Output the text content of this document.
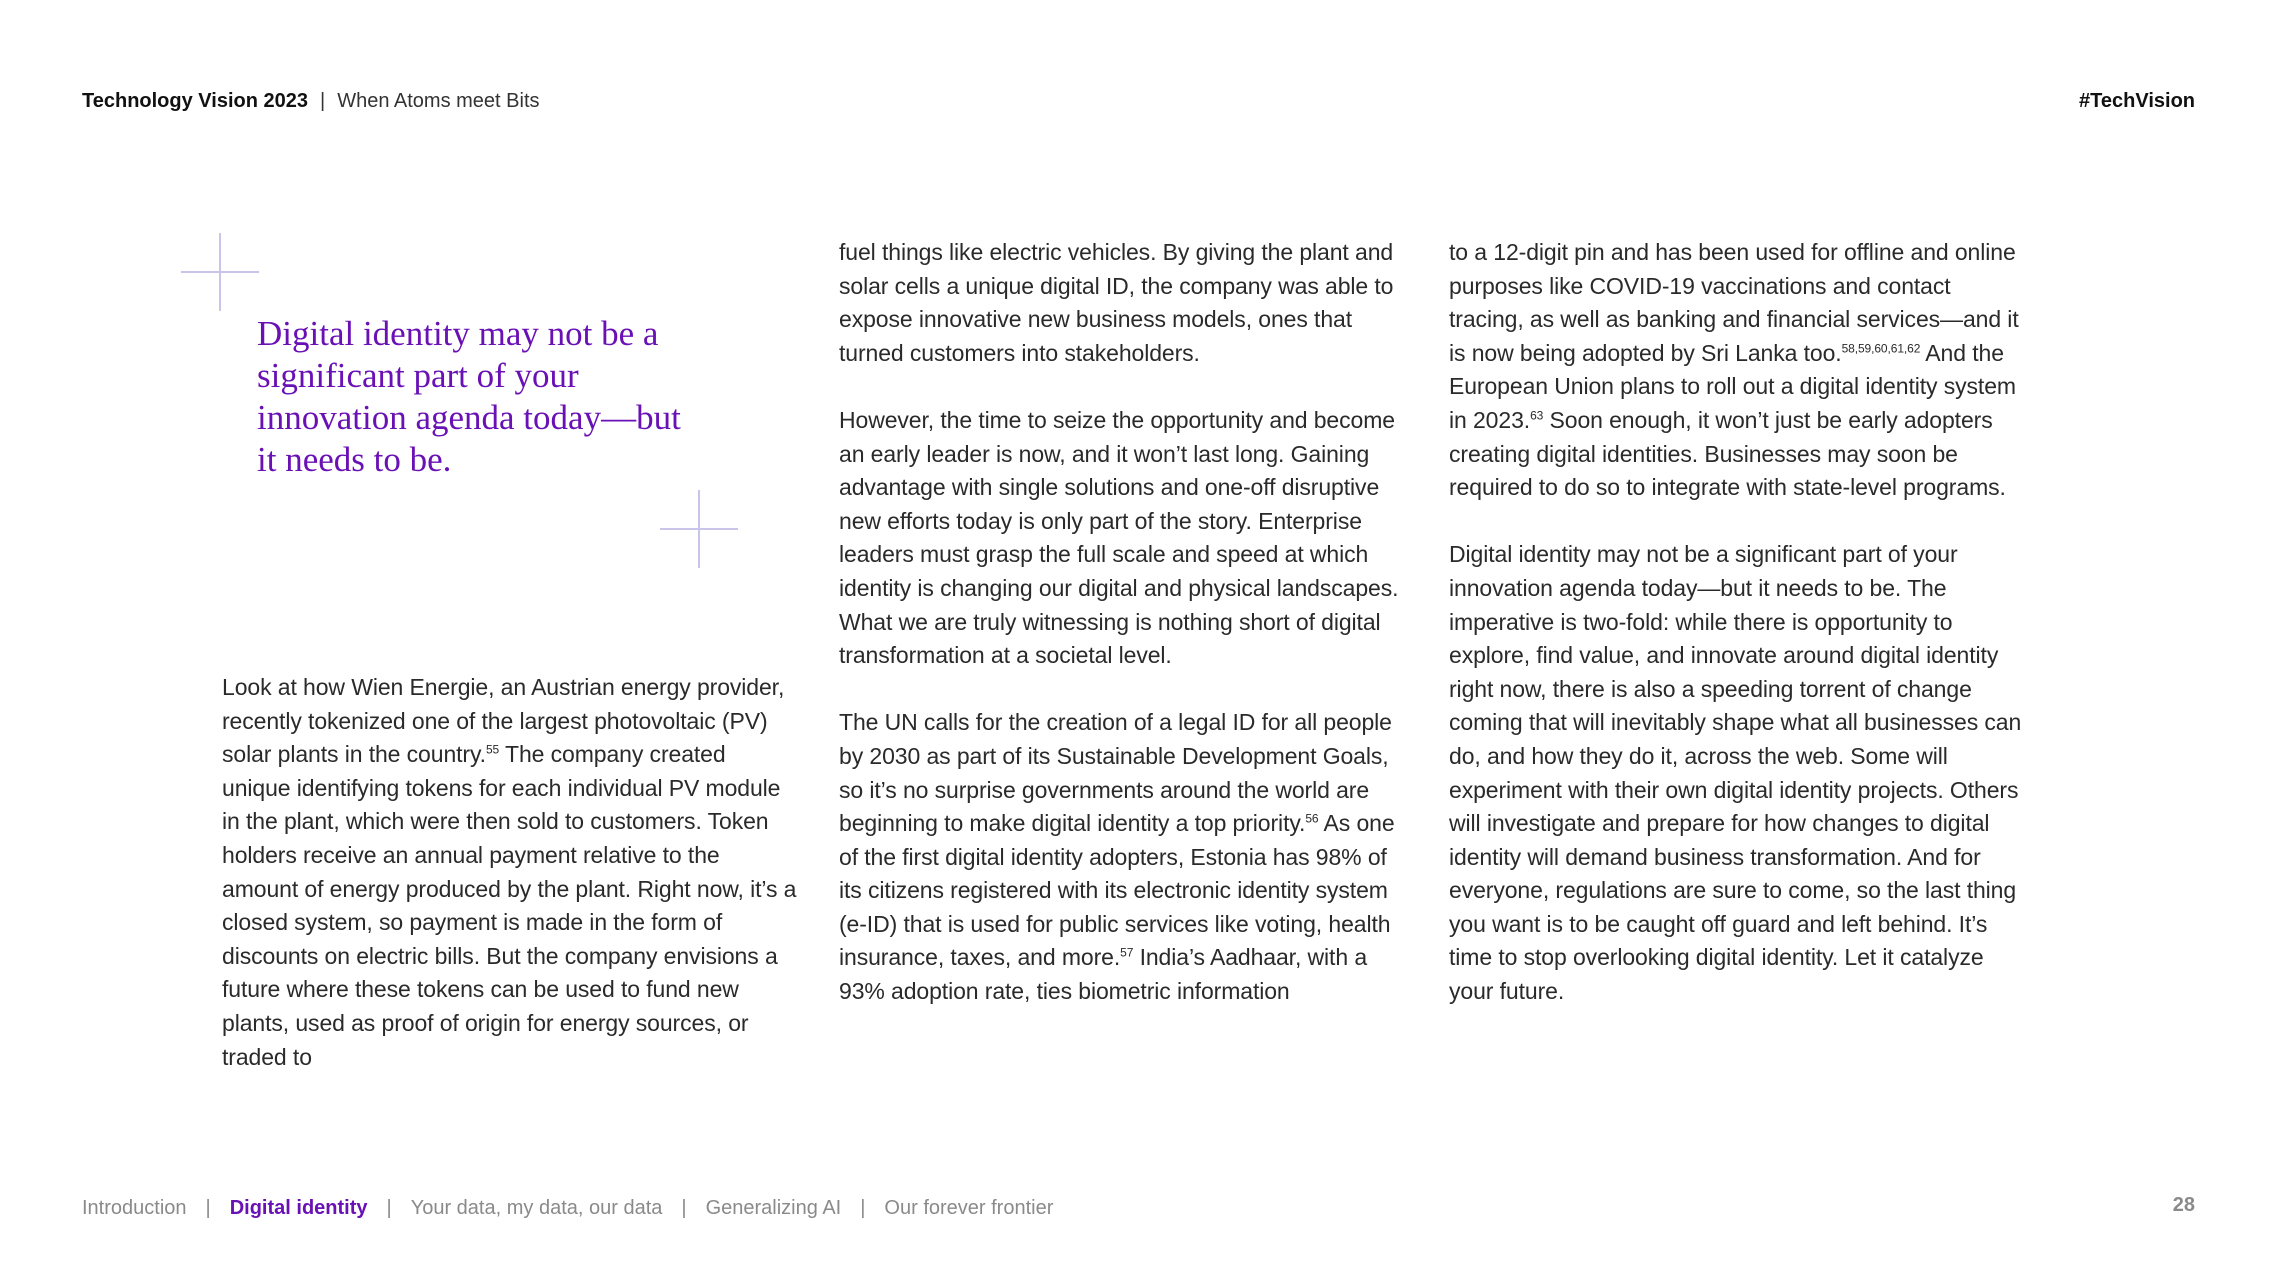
Technology Vision 2023 | When Atoms meet Bits	#TechVision
Digital identity may not be a significant part of your innovation agenda today—but it needs to be.

Look at how Wien Energie, an Austrian energy provider, recently tokenized one of the largest photovoltaic (PV) solar plants in the country.$^{55}$ The company created unique identifying tokens for each individual PV module in the plant, which were then sold to customers. Token holders receive an annual payment relative to the amount of energy produced by the plant. Right now, it’s a closed system, so payment is made in the form of discounts on electric bills. But the company envisions a future where these tokens can be used to fund new plants, used as proof of origin for energy sources, or traded to

fuel things like electric vehicles. By giving the plant and solar cells a unique digital ID, the company was able to expose innovative new business models, ones that turned customers into stakeholders.

However, the time to seize the opportunity and become an early leader is now, and it won’t last long. Gaining advantage with single solutions and one-off disruptive new efforts today is only part of the story. Enterprise leaders must grasp the full scale and speed at which identity is changing our digital and physical landscapes. What we are truly witnessing is nothing short of digital transformation at a societal level.

The UN calls for the creation of a legal ID for all people by 2030 as part of its Sustainable Development Goals, so it’s no surprise governments around the world are beginning to make digital identity a top priority.$^{56}$ As one of the first digital identity adopters, Estonia has 98% of its citizens registered with its electronic identity system (e-ID) that is used for public services like voting, health insurance, taxes, and more.$^{57}$ India’s Aadhaar, with a 93% adoption rate, ties biometric information

to a 12-digit pin and has been used for offline and online purposes like COVID-19 vaccinations and contact tracing, as well as banking and financial services—and it is now being adopted by Sri Lanka too.$^{58,59,60,61,62}$ And the European Union plans to roll out a digital identity system in 2023.63 Soon enough, it won’t just be early adopters creating digital identities. Businesses may soon be required to do so to integrate with state-level programs.

Digital identity may not be a significant part of your innovation agenda today—but it needs to be. The imperative is two-fold: while there is opportunity to explore, find value, and innovate around digital identity right now, there is also a speeding torrent of change coming that will inevitably shape what all businesses can do, and how they do it, across the web. Some will experiment with their own digital identity projects. Others will investigate and prepare for how changes to digital identity will demand business transformation. And for everyone, regulations are sure to come, so the last thing you want is to be caught off guard and left behind. It’s time to stop overlooking digital identity. Let it catalyze your future.

Introduction | Digital identity | Your data, my data, our data | Generalizing AI | Our forever frontier	28
